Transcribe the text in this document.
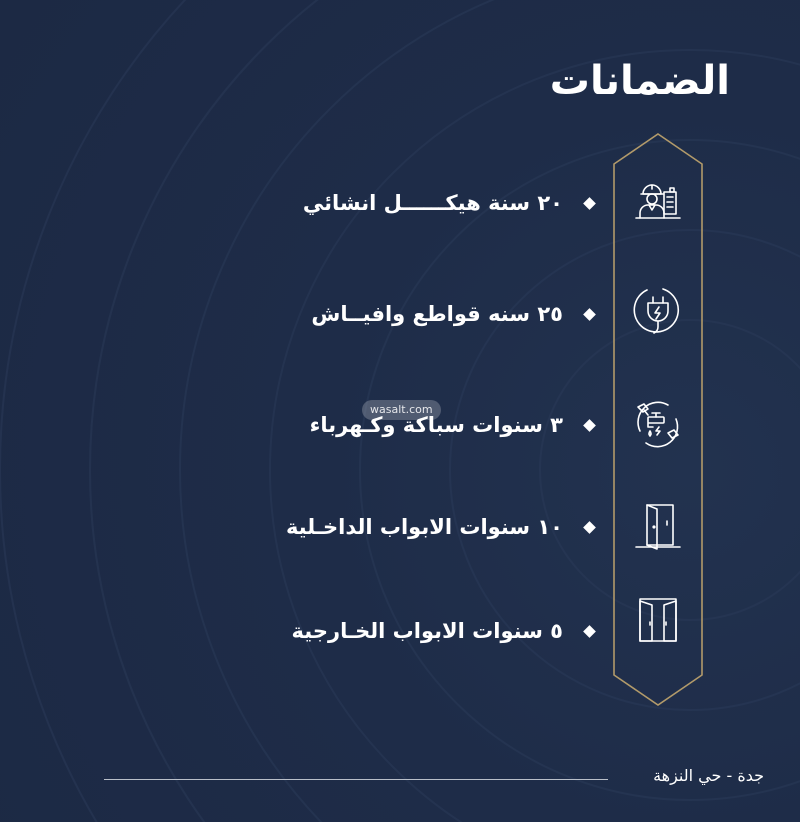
الضمانات
٢٠ سنة هيكــــــل انشائي
٢٥ سنه قواطع وافيــاش
٣ سنوات سباكة وكـهرباء
١٠ سنوات الابواب الداخـلية
٥ سنوات الابواب الخـارجية
wasalt.com
جدة - حي النزهة
